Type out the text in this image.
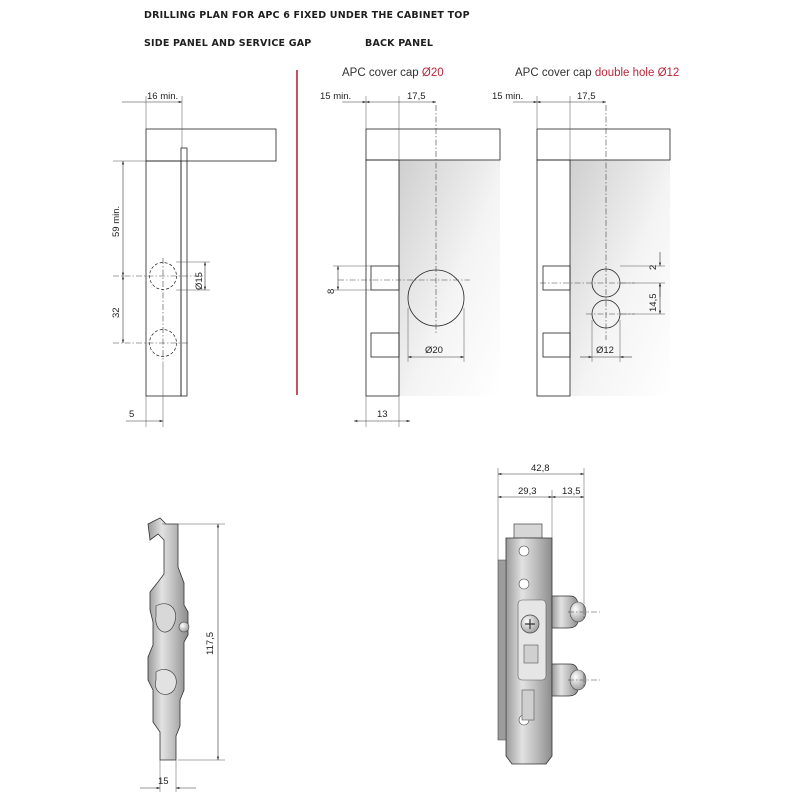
DRILLING PLAN FOR APC 6 FIXED UNDER THE CABINET TOP
SIDE PANEL AND SERVICE GAP	BACK PANEL
APC cover cap Ø20	APC cover cap double hole Ø12
16 min.
59 min.
32
Ø15
5
15 min.	17,5
8
Ø20
13
15 min.	17,5
2
14,5
Ø12
117,5
15
42,8
29,3	13,5
